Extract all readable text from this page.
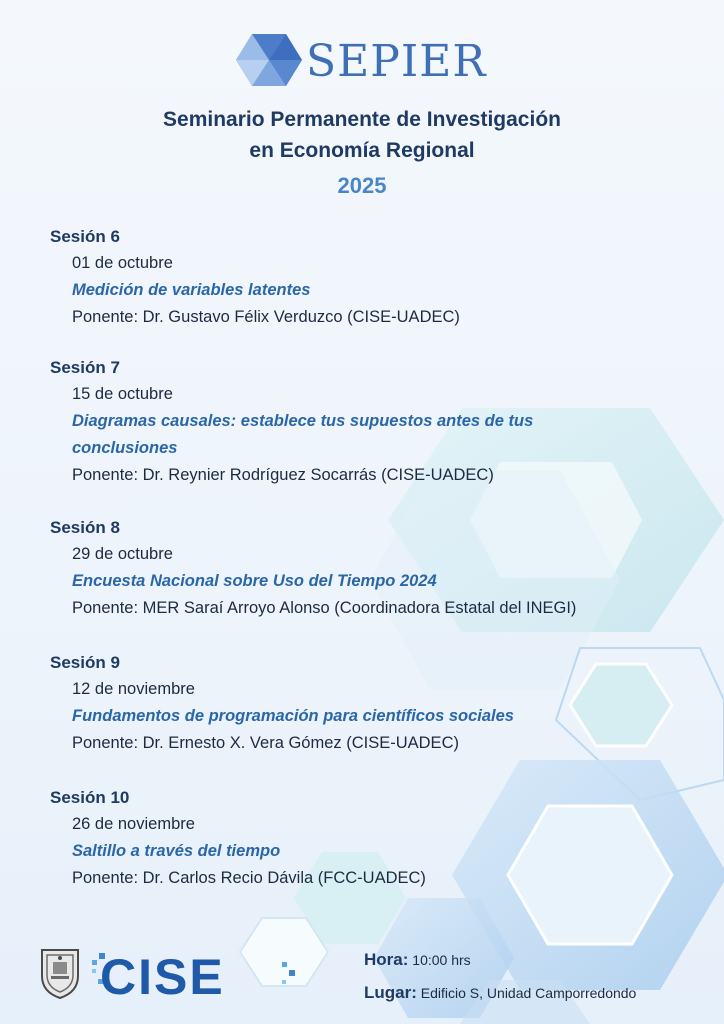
SEPIER
Seminario Permanente de Investigación
en Economía Regional
2025
Sesión 6
01 de octubre
Medición de variables latentes
Ponente: Dr. Gustavo Félix Verduzco (CISE-UADEC)
Sesión 7
15 de octubre
Diagramas causales: establece tus supuestos antes de tus conclusiones
Ponente: Dr. Reynier Rodríguez Socarrás (CISE-UADEC)
Sesión 8
29 de octubre
Encuesta Nacional sobre Uso del Tiempo 2024
Ponente: MER Saraí Arroyo Alonso (Coordinadora Estatal del INEGI)
Sesión 9
12 de noviembre
Fundamentos de programación para científicos sociales
Ponente: Dr. Ernesto X. Vera Gómez (CISE-UADEC)
Sesión 10
26 de noviembre
Saltillo a través del tiempo
Ponente: Dr. Carlos Recio Dávila (FCC-UADEC)
CISE	Hora: 10:00 hrs
Lugar: Edificio S, Unidad Camporredondo
